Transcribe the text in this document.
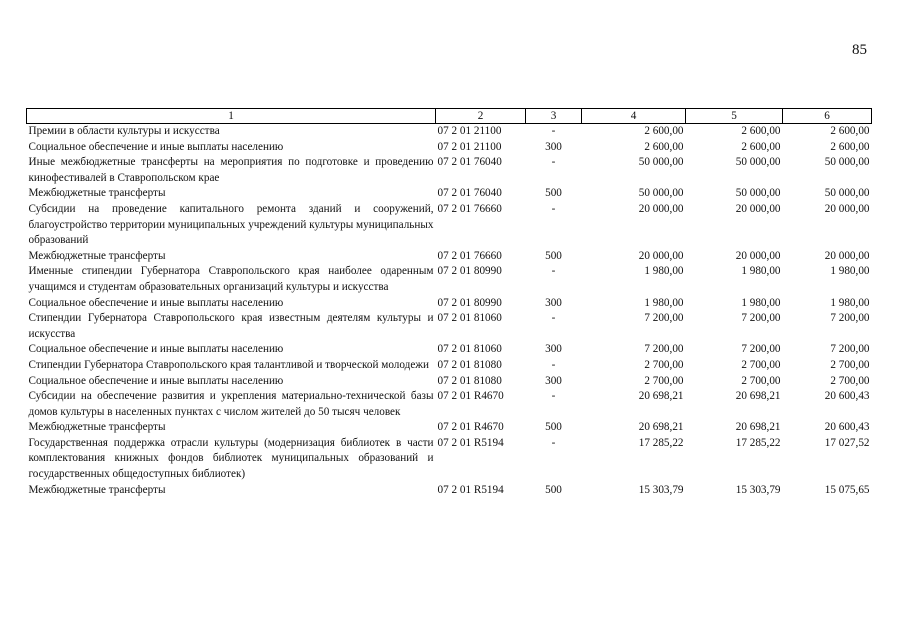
85
1	2	3	4	5	6
Премии в области культуры и искусства	07 2 01 21100	-	2 600,00	2 600,00	2 600,00
Социальное обеспечение и иные выплаты населению	07 2 01 21100	300	2 600,00	2 600,00	2 600,00
Иные межбюджетные трансферты на мероприятия по подготовке и проведению кинофестивалей в Ставропольском крае	07 2 01 76040	-	50 000,00	50 000,00	50 000,00
Межбюджетные трансферты	07 2 01 76040	500	50 000,00	50 000,00	50 000,00
Субсидии на проведение капитального ремонта зданий и сооружений, благоустройство территории муниципальных учреждений культуры муниципальных образований	07 2 01 76660	-	20 000,00	20 000,00	20 000,00
Межбюджетные трансферты	07 2 01 76660	500	20 000,00	20 000,00	20 000,00
Именные стипендии Губернатора Ставропольского края наиболее одаренным учащимся и студентам образовательных организаций культуры и искусства	07 2 01 80990	-	1 980,00	1 980,00	1 980,00
Социальное обеспечение и иные выплаты населению	07 2 01 80990	300	1 980,00	1 980,00	1 980,00
Стипендии Губернатора Ставропольского края известным деятелям культуры и искусства	07 2 01 81060	-	7 200,00	7 200,00	7 200,00
Социальное обеспечение и иные выплаты населению	07 2 01 81060	300	7 200,00	7 200,00	7 200,00
Стипендии Губернатора Ставропольского края талантливой и творческой молодежи	07 2 01 81080	-	2 700,00	2 700,00	2 700,00
Социальное обеспечение и иные выплаты населению	07 2 01 81080	300	2 700,00	2 700,00	2 700,00
Субсидии на обеспечение развития и укрепления материально-технической базы домов культуры в населенных пунктах с числом жителей до 50 тысяч человек	07 2 01 R4670	-	20 698,21	20 698,21	20 600,43
Межбюджетные трансферты	07 2 01 R4670	500	20 698,21	20 698,21	20 600,43
Государственная поддержка отрасли культуры (модернизация библиотек в части комплектования книжных фондов библиотек муниципальных образований и государственных общедоступных библиотек)	07 2 01 R5194	-	17 285,22	17 285,22	17 027,52
Межбюджетные трансферты	07 2 01 R5194	500	15 303,79	15 303,79	15 075,65
